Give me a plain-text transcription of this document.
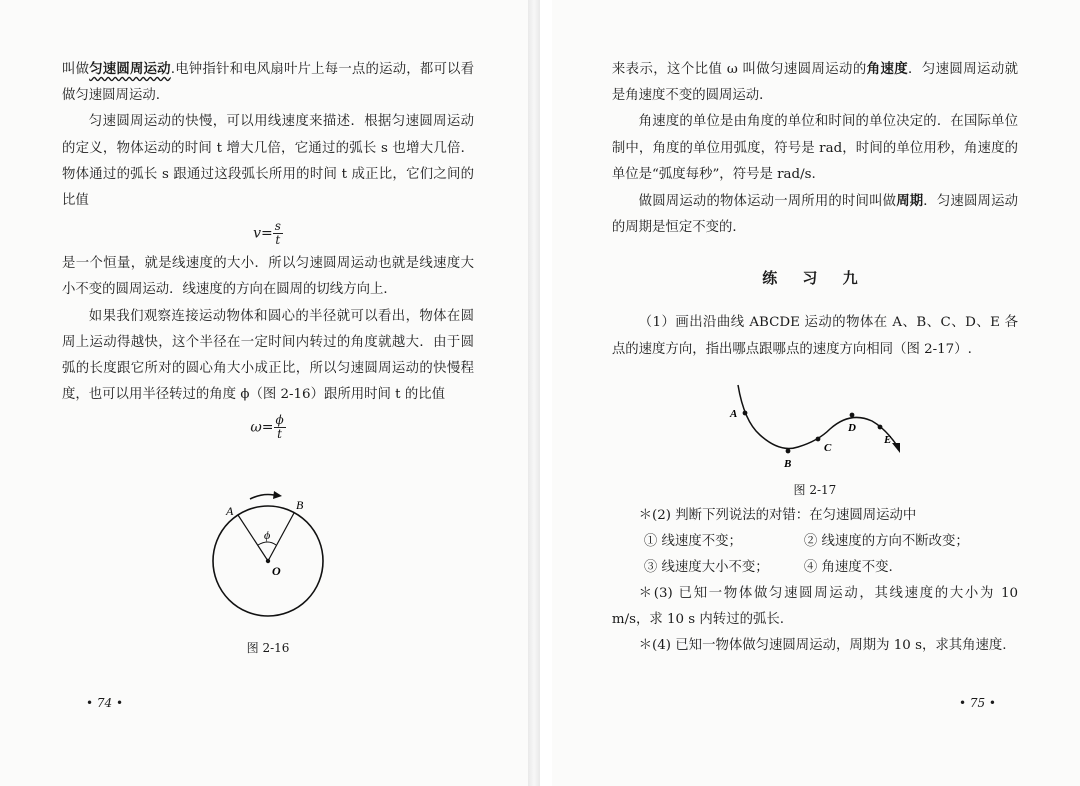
叫做匀速圆周运动.电钟指针和电风扇叶片上每一点的运动，都可以看做匀速圆周运动.

匀速圆周运动的快慢，可以用线速度来描述．根据匀速圆周运动的定义，物体运动的时间 t 增大几倍，它通过的弧长 s 也增大几倍．物体通过的弧长 s 跟通过这段弧长所用的时间 t 成正比，它们之间的比值

$v= \frac{s}{t}$

是一个恒量，就是线速度的大小．所以匀速圆周运动也就是线速度大小不变的圆周运动．线速度的方向在圆周的切线方向上．

如果我们观察连接运动物体和圆心的半径就可以看出，物体在圆周上运动得越快，这个半径在一定时间内转过的角度就越大．由于圆弧的长度跟它所对的圆心角大小成正比，所以匀速圆周运动的快慢程度，也可以用半径转过的角度 ϕ（图 2-16）跟所用时间 t 的比值

$\omega= \frac{\phi}{t}$
A	B
O
ϕ
图 2-16
• 74 •

来表示，这个比值 ω 叫做匀速圆周运动的角速度．匀速圆周运动就是角速度不变的圆周运动．

角速度的单位是由角度的单位和时间的单位决定的．在国际单位制中，角度的单位用弧度，符号是 rad，时间的单位用秒，角速度的单位是“弧度每秒”，符号是 rad/s.

做圆周运动的物体运动一周所用的时间叫做周期．匀速圆周运动的周期是恒定不变的．

练 习 九

（1）画出沿曲线 ABCDE 运动的物体在 A、B、C、D、E 各点的速度方向，指出哪点跟哪点的速度方向相同（图 2-17）.

A
B
C
D
E
图 2-17

＊(2) 判断下列说法的对错：在匀速圆周运动中

① 线速度不变；	② 线速度的方向不断改变；
③ 线速度大小不变；	④ 角速度不变.

＊(3) 已知一物体做匀速圆周运动，其线速度的大小为 10 m/s，求 10 s 内转过的弧长.

＊(4) 已知一物体做匀速圆周运动，周期为 10 s，求其角速度.

• 75 •
